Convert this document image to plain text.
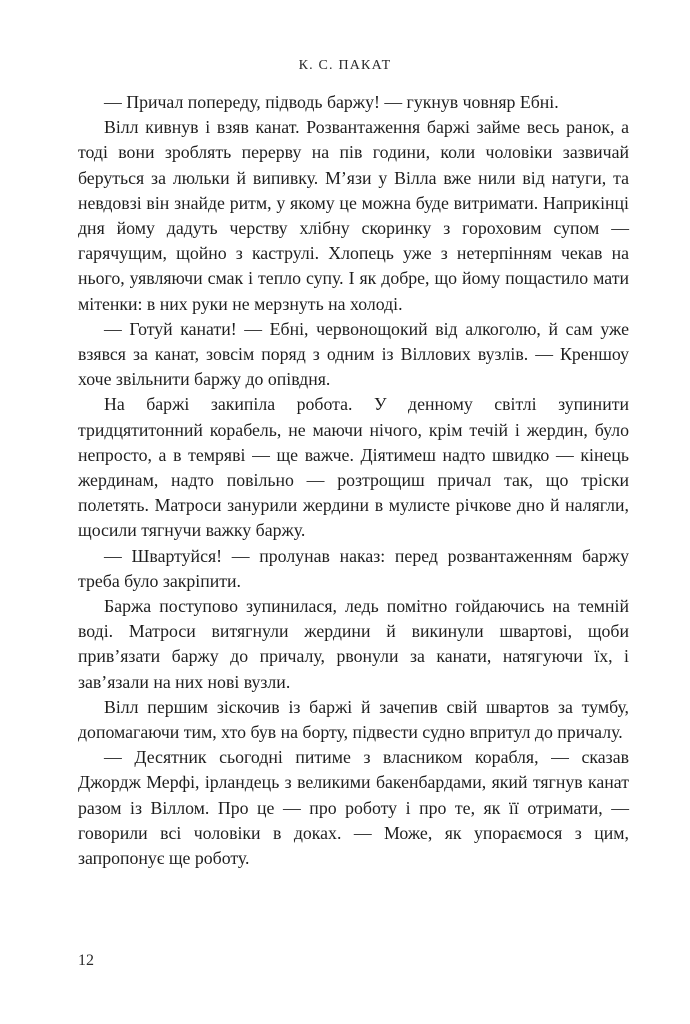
К. С. ПАКАТ

— Причал попереду, підводь баржу! — гукнув човняр Ебні.

Вілл кивнув і взяв канат. Розвантаження баржі займе весь ранок, а тоді вони зроблять перерву на пів години, коли чоловіки зазвичай беруться за люльки й випивку. М’язи у Вілла вже нили від натуги, та невдовзі він знайде ритм, у якому це можна буде витримати. Наприкінці дня йому дадуть черству хлібну скоринку з гороховим супом — гарячущим, щойно з каструлі. Хлопець уже з нетерпінням чекав на нього, уявляючи смак і тепло супу. І як добре, що йому пощастило мати мітенки: в них руки не мерзнуть на холоді.

— Готуй канати! — Ебні, червонощокий від алкоголю, й сам уже взявся за канат, зовсім поряд з одним із Віллових вузлів. — Креншоу хоче звільнити баржу до опівдня.

На баржі закипіла робота. У денному світлі зупинити тридцятитонний корабель, не маючи нічого, крім течій і жердин, було непросто, а в темряві — ще важче. Діятимеш надто швидко — кінець жердинам, надто повільно — розтрощиш причал так, що тріски полетять. Матроси занурили жердини в мулисте річкове дно й налягли, щосили тягнучи важку баржу.

— Швартуйся! — пролунав наказ: перед розвантаженням баржу треба було закріпити.

Баржа поступово зупинилася, ледь помітно гойдаючись на темній воді. Матроси витягнули жердини й викинули швартові, щоби прив’язати баржу до причалу, рвонули за канати, натягуючи їх, і зав’язали на них нові вузли.

Вілл першим зіскочив із баржі й зачепив свій швартов за тумбу, допомагаючи тим, хто був на борту, підвести судно впритул до причалу.

— Десятник сьогодні питиме з власником корабля, — сказав Джордж Мерфі, ірландець з великими бакенбардами, який тягнув канат разом із Віллом. Про це — про роботу і про те, як її отримати, — говорили всі чоловіки в доках. — Може, як упораємося з цим, запропонує ще роботу.

12
